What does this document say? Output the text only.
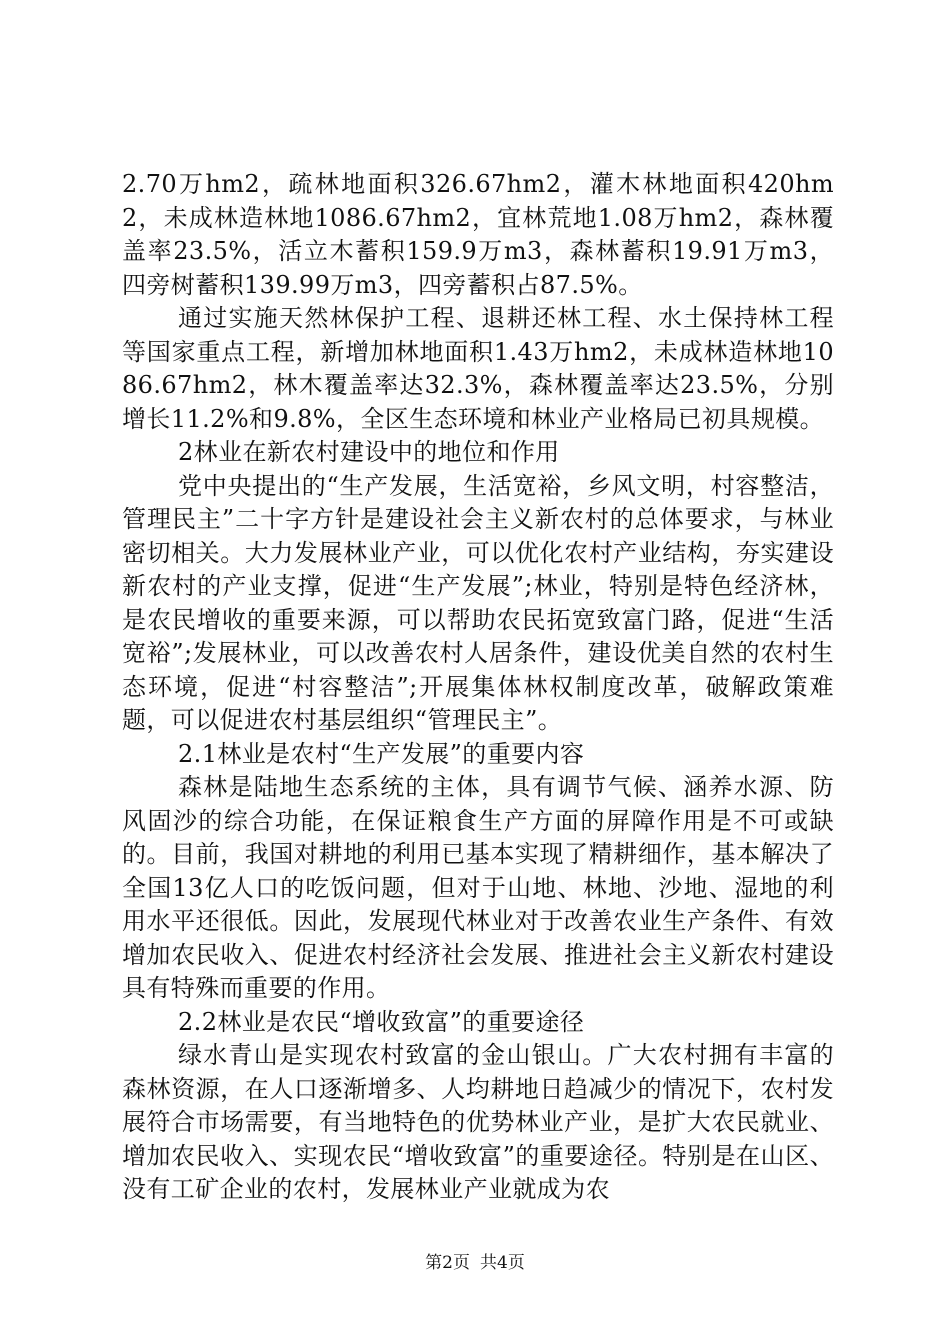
2.70万hm2，疏林地面积326.67hm2，灌木林地面积420hm2，未成林造林地1086.67hm2，宜林荒地1.08万hm2，森林覆盖率23.5%，活立木蓄积159.9万m3，森林蓄积19.91万m3，四旁树蓄积139.99万m3，四旁蓄积占87.5%。

通过实施天然林保护工程、退耕还林工程、水土保持林工程等国家重点工程，新增加林地面积1.43万hm2，未成林造林地1086.67hm2，林木覆盖率达32.3%，森林覆盖率达23.5%，分别增长11.2%和9.8%，全区生态环境和林业产业格局已初具规模。

2林业在新农村建设中的地位和作用

党中央提出的“生产发展，生活宽裕，乡风文明，村容整洁，管理民主”二十字方针是建设社会主义新农村的总体要求，与林业密切相关。大力发展林业产业，可以优化农村产业结构，夯实建设新农村的产业支撑，促进“生产发展”;林业，特别是特色经济林，是农民增收的重要来源，可以帮助农民拓宽致富门路，促进“生活宽裕”;发展林业，可以改善农村人居条件，建设优美自然的农村生态环境，促进“村容整洁”;开展集体林权制度改革，破解政策难题，可以促进农村基层组织“管理民主”。

2.1林业是农村“生产发展”的重要内容

森林是陆地生态系统的主体，具有调节气候、涵养水源、防风固沙的综合功能，在保证粮食生产方面的屏障作用是不可或缺的。目前，我国对耕地的利用已基本实现了精耕细作，基本解决了全国13亿人口的吃饭问题，但对于山地、林地、沙地、湿地的利用水平还很低。因此，发展现代林业对于改善农业生产条件、有效增加农民收入、促进农村经济社会发展、推进社会主义新农村建设具有特殊而重要的作用。

2.2林业是农民“增收致富”的重要途径

绿水青山是实现农村致富的金山银山。广大农村拥有丰富的森林资源，在人口逐渐增多、人均耕地日趋减少的情况下，农村发展符合市场需要，有当地特色的优势林业产业，是扩大农民就业、增加农民收入、实现农民“增收致富”的重要途径。特别是在山区、没有工矿企业的农村，发展林业产业就成为农

第2页 共4页
